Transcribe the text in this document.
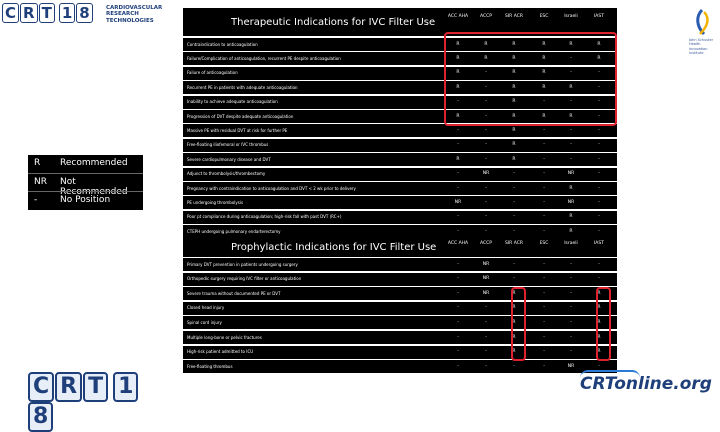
C R T 1 8	CARDIOVASCULAR
RESEARCH
TECHNOLOGIES
John Schuster Health Innovation Institute
Therapeutic Indications for IVC Filter Use	ACC AHA	ACCP	SIR ACR	ESC	Israeli	IAST
Contraindication to anticoagulation	R	R	R	R	R	R
Failure/Complication of anticoagulation, recurrent PE despite anticoagulation	R	R	R	R	-	R
Failure of anticoagulation	R	-	R	R	-	-
Recurrent PE in patients with adequate anticoagulation	R	-	R	R	R	-
Inability to achieve adequate anticoagulation	-	-	R	-	-	-
Progression of DVT despite adequate anticoagulation	R	-	R	R	R	-
Massive PE with residual DVT at risk for further PE	-	-	R	-	-	-
Free-floating iliofemoral or IVC thrombus	-	-	R	-	-	-
Severe cardiopulmonary disease and DVT	R	-	R	-	-	-
Adjunct to thrombolysis/thrombectomy	-	NR	-	-	NR	-
Pregnancy with contraindication to anticoagulation and DVT < 2 wk prior to delivery	-	-	-	-	R	-
PE undergoing thrombolysis	NR	-	-	-	NR	-
Poor pt compliance during anticoagulation; high-risk fall with past DVT (RC+)	-	-	-	-	R	-
CTEPH undergoing pulmonary endarterectomy	-	-	-	-	R	-
Prophylactic Indications for IVC Filter Use	ACC AHA	ACCP	SIR ACR	ESC	Israeli	IAST
Primary DVT prevention in patients undergoing surgery	-	NR	-	-	-	-
Orthopedic surgery requiring IVC filter or anticoagulation	-	NR	-	-	-	-
Severe trauma without documented PE or DVT	-	NR	R	-	-	R
Closed head injury	-	-	R	-	-	R
Spinal cord injury	-	-	R	-	-	R
Multiple long-bone or pelvic fractures	-	-	R	-	-	R
High-risk patient admitted to ICU	-	-	R	-	-	R
Free-floating thrombus	-	-	-	-	NR	-
R Recommended
NR Not Recommended
-	No Position
C R T 18
CRTonline.org
